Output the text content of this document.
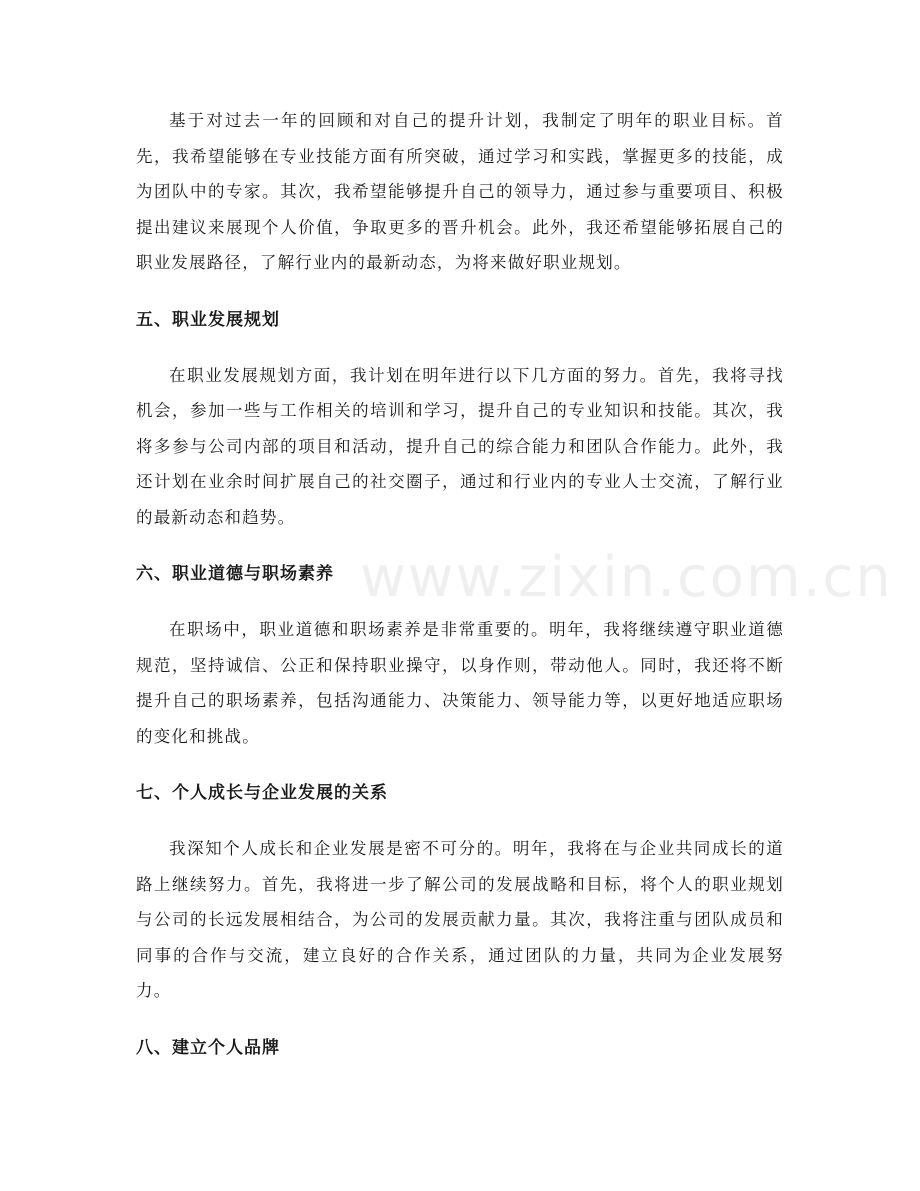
www.zixin.com.cn

基于对过去一年的回顾和对自己的提升计划，我制定了明年的职业目标。首先，我希望能够在专业技能方面有所突破，通过学习和实践，掌握更多的技能，成为团队中的专家。其次，我希望能够提升自己的领导力，通过参与重要项目、积极提出建议来展现个人价值，争取更多的晋升机会。此外，我还希望能够拓展自己的职业发展路径，了解行业内的最新动态，为将来做好职业规划。

五、职业发展规划

在职业发展规划方面，我计划在明年进行以下几方面的努力。首先，我将寻找机会，参加一些与工作相关的培训和学习，提升自己的专业知识和技能。其次，我将多参与公司内部的项目和活动，提升自己的综合能力和团队合作能力。此外，我还计划在业余时间扩展自己的社交圈子，通过和行业内的专业人士交流，了解行业的最新动态和趋势。

六、职业道德与职场素养

在职场中，职业道德和职场素养是非常重要的。明年，我将继续遵守职业道德规范，坚持诚信、公正和保持职业操守，以身作则，带动他人。同时，我还将不断提升自己的职场素养，包括沟通能力、决策能力、领导能力等，以更好地适应职场的变化和挑战。

七、个人成长与企业发展的关系

我深知个人成长和企业发展是密不可分的。明年，我将在与企业共同成长的道路上继续努力。首先，我将进一步了解公司的发展战略和目标，将个人的职业规划与公司的长远发展相结合，为公司的发展贡献力量。其次，我将注重与团队成员和同事的合作与交流，建立良好的合作关系，通过团队的力量，共同为企业发展努力。

八、建立个人品牌
